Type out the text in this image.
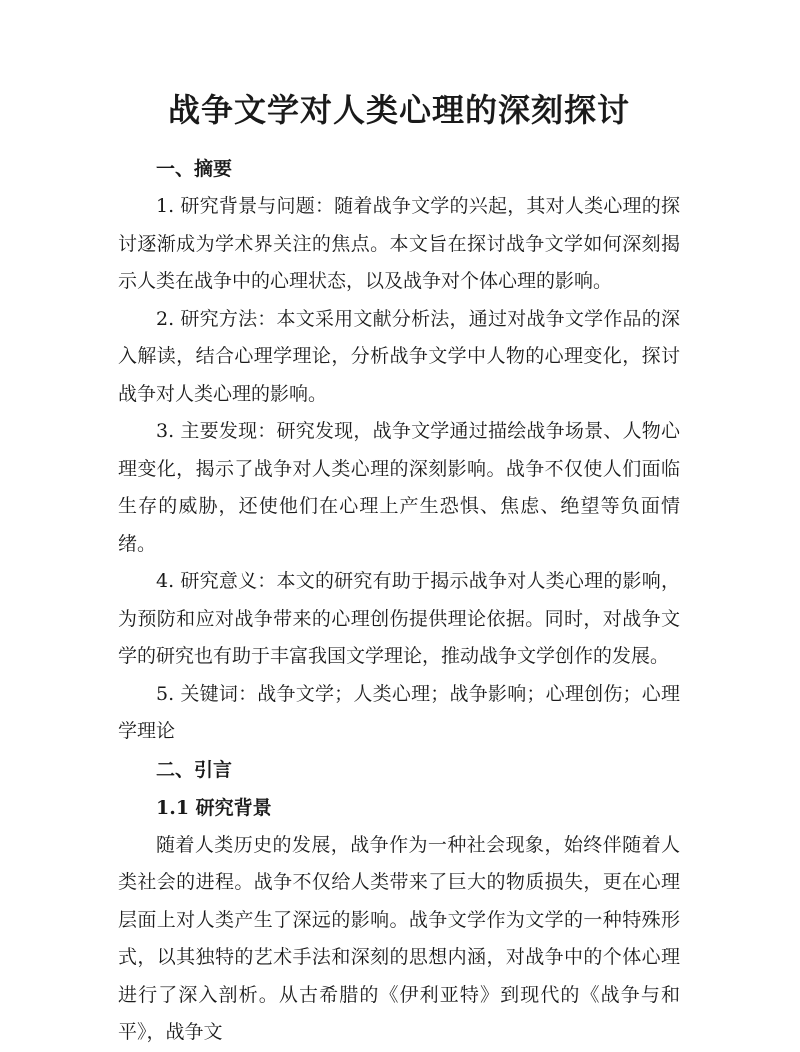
战争文学对人类心理的深刻探讨
一、摘要

1. 研究背景与问题：随着战争文学的兴起，其对人类心理的探讨逐渐成为学术界关注的焦点。本文旨在探讨战争文学如何深刻揭示人类在战争中的心理状态，以及战争对个体心理的影响。

2. 研究方法：本文采用文献分析法，通过对战争文学作品的深入解读，结合心理学理论，分析战争文学中人物的心理变化，探讨战争对人类心理的影响。

3. 主要发现：研究发现，战争文学通过描绘战争场景、人物心理变化，揭示了战争对人类心理的深刻影响。战争不仅使人们面临生存的威胁，还使他们在心理上产生恐惧、焦虑、绝望等负面情绪。

4. 研究意义：本文的研究有助于揭示战争对人类心理的影响，为预防和应对战争带来的心理创伤提供理论依据。同时，对战争文学的研究也有助于丰富我国文学理论，推动战争文学创作的发展。

5. 关键词：战争文学；人类心理；战争影响；心理创伤；心理学理论

二、引言
1.1 研究背景

随着人类历史的发展，战争作为一种社会现象，始终伴随着人类社会的进程。战争不仅给人类带来了巨大的物质损失，更在心理层面上对人类产生了深远的影响。战争文学作为文学的一种特殊形式，以其独特的艺术手法和深刻的思想内涵，对战争中的个体心理进行了深入剖析。从古希腊的《伊利亚特》到现代的《战争与和平》，战争文
